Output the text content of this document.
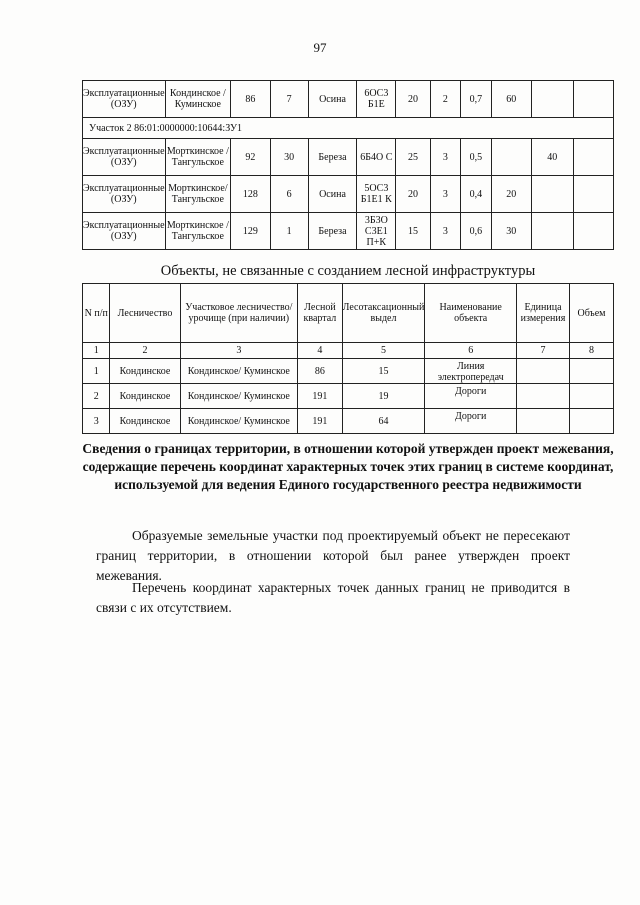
97
Эксплуатационные (ОЗУ)	Кондинское / Куминское	86	7	Осина	6ОС3 Б1Е	20	2	0,7	60		
Участок 2 86:01:0000000:10644:ЗУ1											
Эксплуатационные (ОЗУ)	Морткинское / Тангульское	92	30	Береза	6Б4О С	25	3	0,5		40	
Эксплуатационные (ОЗУ)	Морткинское/ Тангульское	128	6	Осина	5ОС3 Б1Е1 К	20	3	0,4	20		
Эксплуатационные (ОЗУ)	Морткинское / Тангульское	129	1	Береза	3Б3О С3Е1 П+К	15	3	0,6	30		
Объекты, не связанные с созданием лесной инфраструктуры
N п/п	Лесничество	Участковое лесничество/урочище (при наличии)	Лесной квартал	Лесотаксационный выдел	Наименование объекта	Единица измерения	Объем
1	2	3	4	5	6	7	8
1	Кондинское	Кондинское/ Куминское	86	15	Линия электропередач		
2	Кондинское	Кондинское/ Куминское	191	19	Дороги		
3	Кондинское	Кондинское/ Куминское	191	64	Дороги		
Сведения о границах территории, в отношении которой утвержден проект межевания, содержащие перечень координат характерных точек этих границ в системе координат, используемой для ведения Единого государственного реестра недвижимости

Образуемые земельные участки под проектируемый объект не пересекают границ территории, в отношении которой был ранее утвержден проект межевания.

Перечень координат характерных точек данных границ не приводится в связи с их отсутствием.
